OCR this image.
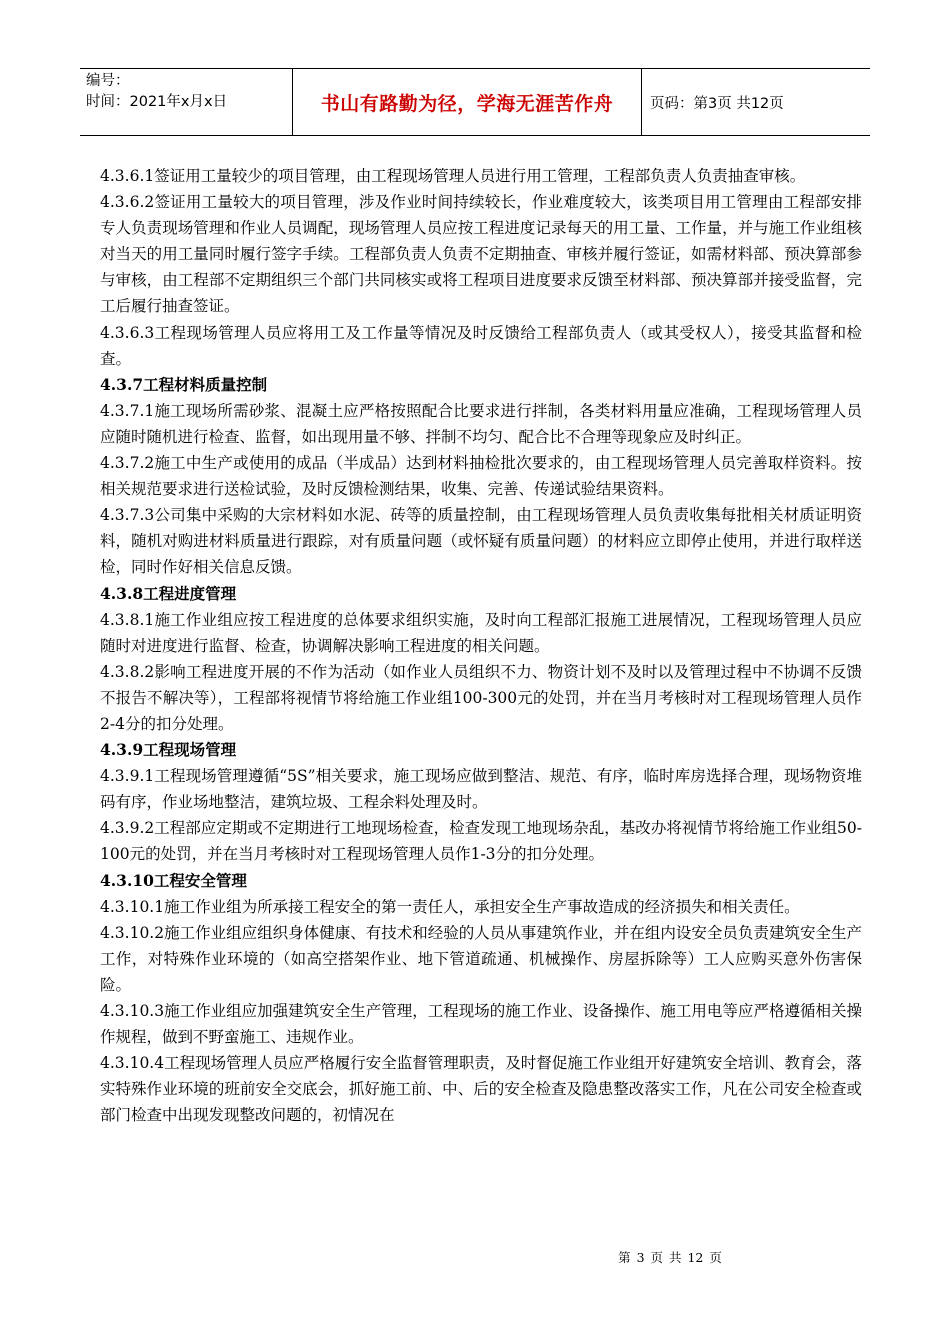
编号：
时间：2021年x月x日	书山有路勤为径，学海无涯苦作舟	页码：第3页 共12页

4.3.6.1签证用工量较少的项目管理，由工程现场管理人员进行用工管理，工程部负责人负责抽查审核。

4.3.6.2签证用工量较大的项目管理，涉及作业时间持续较长，作业难度较大，该类项目用工管理由工程部安排专人负责现场管理和作业人员调配，现场管理人员应按工程进度记录每天的用工量、工作量，并与施工作业组核对当天的用工量同时履行签字手续。工程部负责人负责不定期抽查、审核并履行签证，如需材料部、预决算部参与审核，由工程部不定期组织三个部门共同核实或将工程项目进度要求反馈至材料部、预决算部并接受监督，完工后履行抽查签证。

4.3.6.3工程现场管理人员应将用工及工作量等情况及时反馈给工程部负责人（或其受权人），接受其监督和检查。

4.3.7工程材料质量控制

4.3.7.1施工现场所需砂浆、混凝土应严格按照配合比要求进行拌制，各类材料用量应准确，工程现场管理人员应随时随机进行检查、监督，如出现用量不够、拌制不均匀、配合比不合理等现象应及时纠正。

4.3.7.2施工中生产或使用的成品（半成品）达到材料抽检批次要求的，由工程现场管理人员完善取样资料。按相关规范要求进行送检试验，及时反馈检测结果，收集、完善、传递试验结果资料。

4.3.7.3公司集中采购的大宗材料如水泥、砖等的质量控制，由工程现场管理人员负责收集每批相关材质证明资料，随机对购进材料质量进行跟踪，对有质量问题（或怀疑有质量问题）的材料应立即停止使用，并进行取样送检，同时作好相关信息反馈。

4.3.8工程进度管理

4.3.8.1施工作业组应按工程进度的总体要求组织实施，及时向工程部汇报施工进展情况，工程现场管理人员应随时对进度进行监督、检查，协调解决影响工程进度的相关问题。

4.3.8.2影响工程进度开展的不作为活动（如作业人员组织不力、物资计划不及时以及管理过程中不协调不反馈不报告不解决等），工程部将视情节将给施工作业组100-300元的处罚，并在当月考核时对工程现场管理人员作2-4分的扣分处理。

4.3.9工程现场管理

4.3.9.1工程现场管理遵循“5S”相关要求，施工现场应做到整洁、规范、有序，临时库房选择合理，现场物资堆码有序，作业场地整洁，建筑垃圾、工程余料处理及时。

4.3.9.2工程部应定期或不定期进行工地现场检查，检查发现工地现场杂乱，基改办将视情节将给施工作业组50-100元的处罚，并在当月考核时对工程现场管理人员作1-3分的扣分处理。

4.3.10工程安全管理

4.3.10.1施工作业组为所承接工程安全的第一责任人，承担安全生产事故造成的经济损失和相关责任。

4.3.10.2施工作业组应组织身体健康、有技术和经验的人员从事建筑作业，并在组内设安全员负责建筑安全生产工作，对特殊作业环境的（如高空搭架作业、地下管道疏通、机械操作、房屋拆除等）工人应购买意外伤害保险。

4.3.10.3施工作业组应加强建筑安全生产管理，工程现场的施工作业、设备操作、施工用电等应严格遵循相关操作规程，做到不野蛮施工、违规作业。

4.3.10.4工程现场管理人员应严格履行安全监督管理职责，及时督促施工作业组开好建筑安全培训、教育会，落实特殊作业环境的班前安全交底会，抓好施工前、中、后的安全检查及隐患整改落实工作，凡在公司安全检查或部门检查中出现发现整改问题的，初情况在

第 3 页 共 12 页
